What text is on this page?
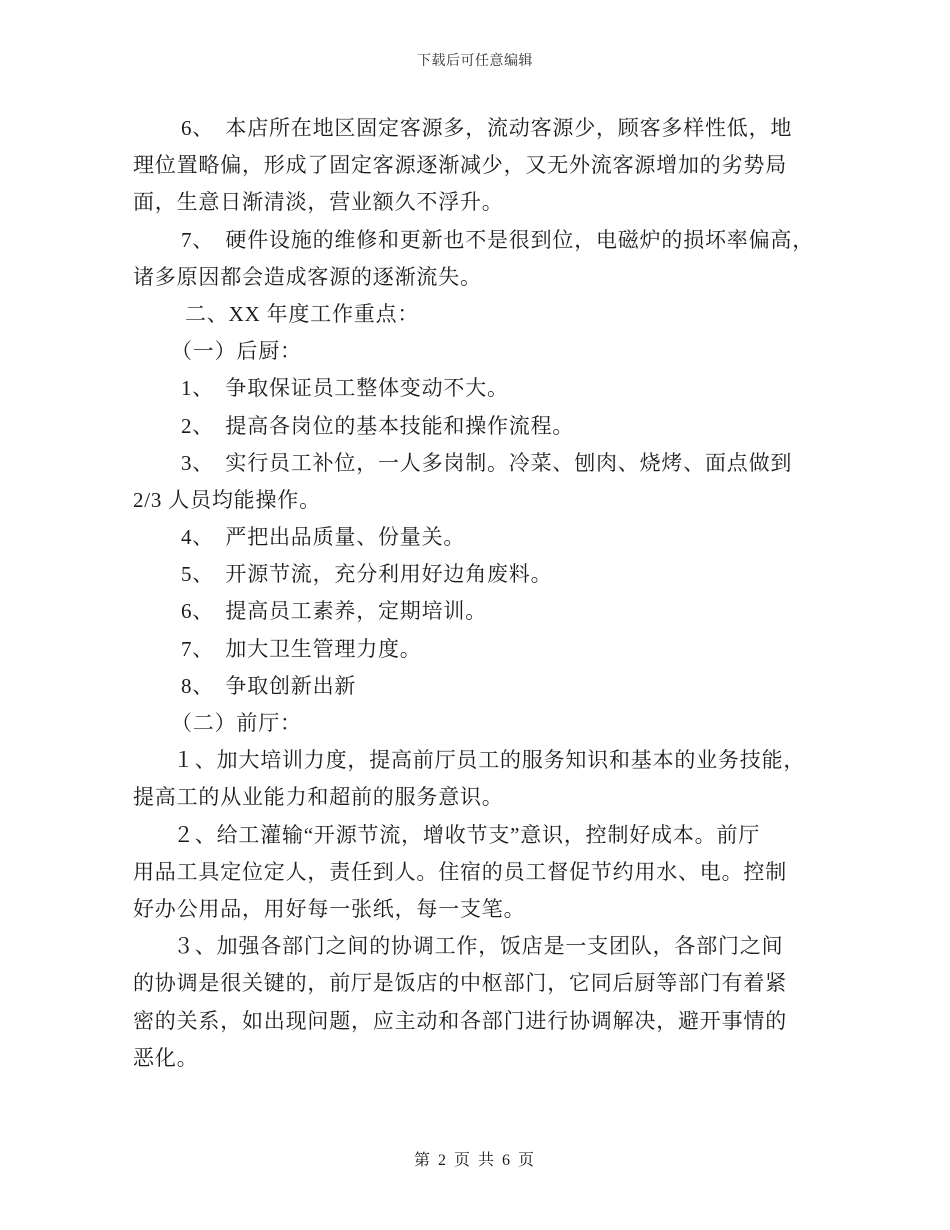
下载后可任意编辑
6、　本店所在地区固定客源多，流动客源少，顾客多样性低，地
理位置略偏，形成了固定客源逐渐减少，又无外流客源增加的劣势局
面，生意日渐清淡，营业额久不浮升。
7、　硬件设施的维修和更新也不是很到位，电磁炉的损坏率偏高，
诸多原因都会造成客源的逐渐流失。
二、XX 年度工作重点：
（一）后厨：
1、　争取保证员工整体变动不大。
2、　提高各岗位的基本技能和操作流程。
3、　实行员工补位，一人多岗制。冷菜、刨肉、烧烤、面点做到
2/3 人员均能操作。
4、　严把出品质量、份量关。
5、　开源节流，充分利用好边角废料。
6、　提高员工素养，定期培训。
7、　加大卫生管理力度。
8、　争取创新出新
（二）前厅：
１、加大培训力度，提高前厅员工的服务知识和基本的业务技能，
提高工的从业能力和超前的服务意识。
２、给工灌输“开源节流，增收节支”意识，控制好成本。前厅
用品工具定位定人，责任到人。住宿的员工督促节约用水、电。控制
好办公用品，用好每一张纸，每一支笔。
３、加强各部门之间的协调工作，饭店是一支团队，各部门之间
的协调是很关键的，前厅是饭店的中枢部门，它同后厨等部门有着紧
密的关系，如出现问题，应主动和各部门进行协调解决，避开事情的
恶化。
第 2 页 共 6 页
